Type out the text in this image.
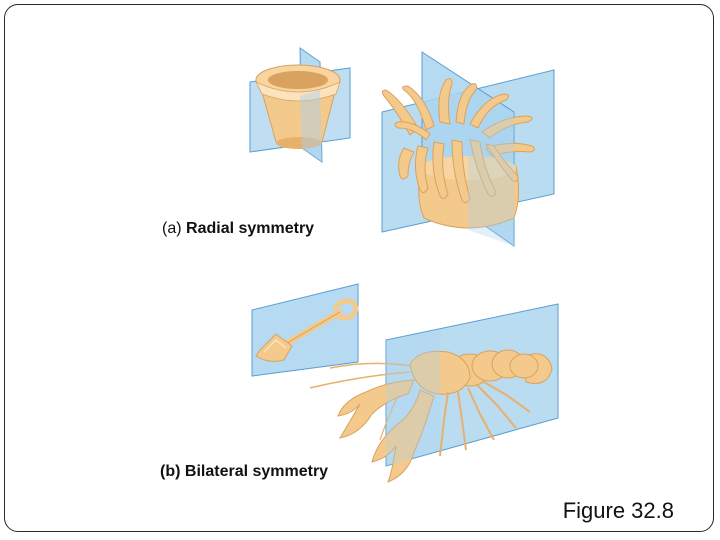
(a) Radial symmetry
(b) Bilateral symmetry
Figure 32.8
